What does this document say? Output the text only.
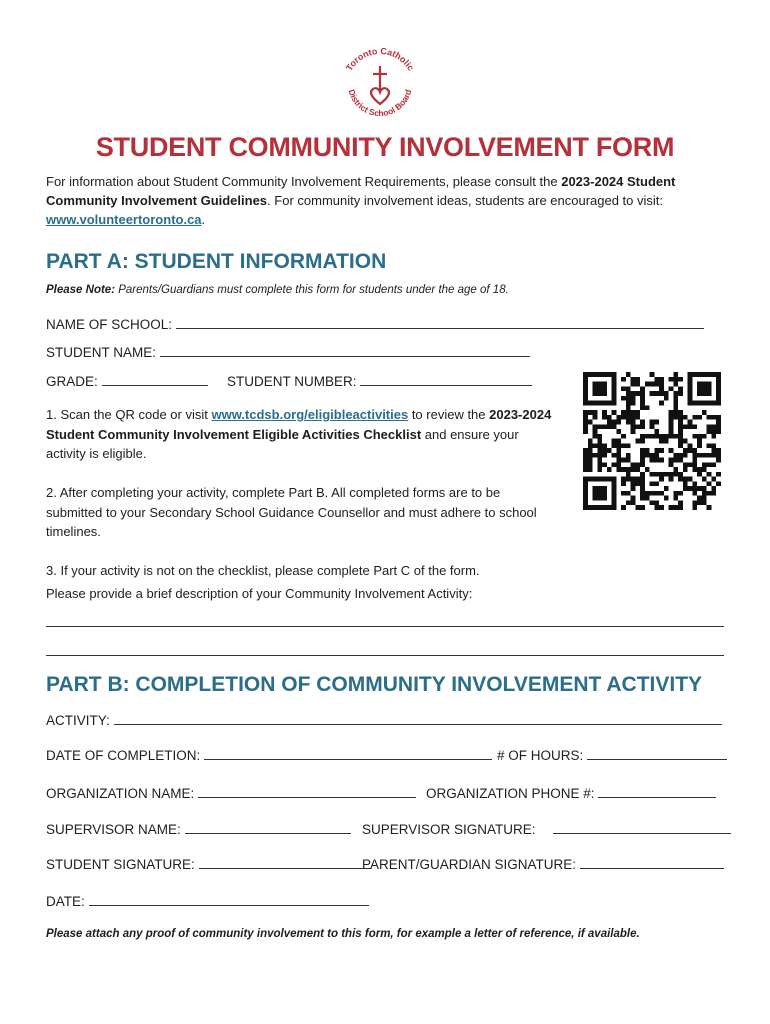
Toronto Catholic
District School Board
STUDENT COMMUNITY INVOLVEMENT FORM
For information about Student Community Involvement Requirements, please consult the 2023-2024 Student Community Involvement Guidelines. For community involvement ideas, students are encouraged to visit: www.volunteertoronto.ca.
PART A: STUDENT INFORMATION
Please Note: Parents/Guardians must complete this form for students under the age of 18.
NAME OF SCHOOL:
STUDENT NAME:
GRADE:	STUDENT NUMBER:
1. Scan the QR code or visit www.tcdsb.org/eligibleactivities to review the 2023-2024 Student Community Involvement Eligible Activities Checklist and ensure your activity is eligible.
2. After completing your activity, complete Part B. All completed forms are to be submitted to your Secondary School Guidance Counsellor and must adhere to school timelines.
3. If your activity is not on the checklist, please complete Part C of the form.
Please provide a brief description of your Community Involvement Activity:
PART B: COMPLETION OF COMMUNITY INVOLVEMENT ACTIVITY
ACTIVITY:
DATE OF COMPLETION:	# OF HOURS:
ORGANIZATION NAME:	ORGANIZATION PHONE #:
SUPERVISOR NAME:	SUPERVISOR SIGNATURE:
STUDENT SIGNATURE:	PARENT/GUARDIAN SIGNATURE:
DATE:
Please attach any proof of community involvement to this form, for example a letter of reference, if available.
